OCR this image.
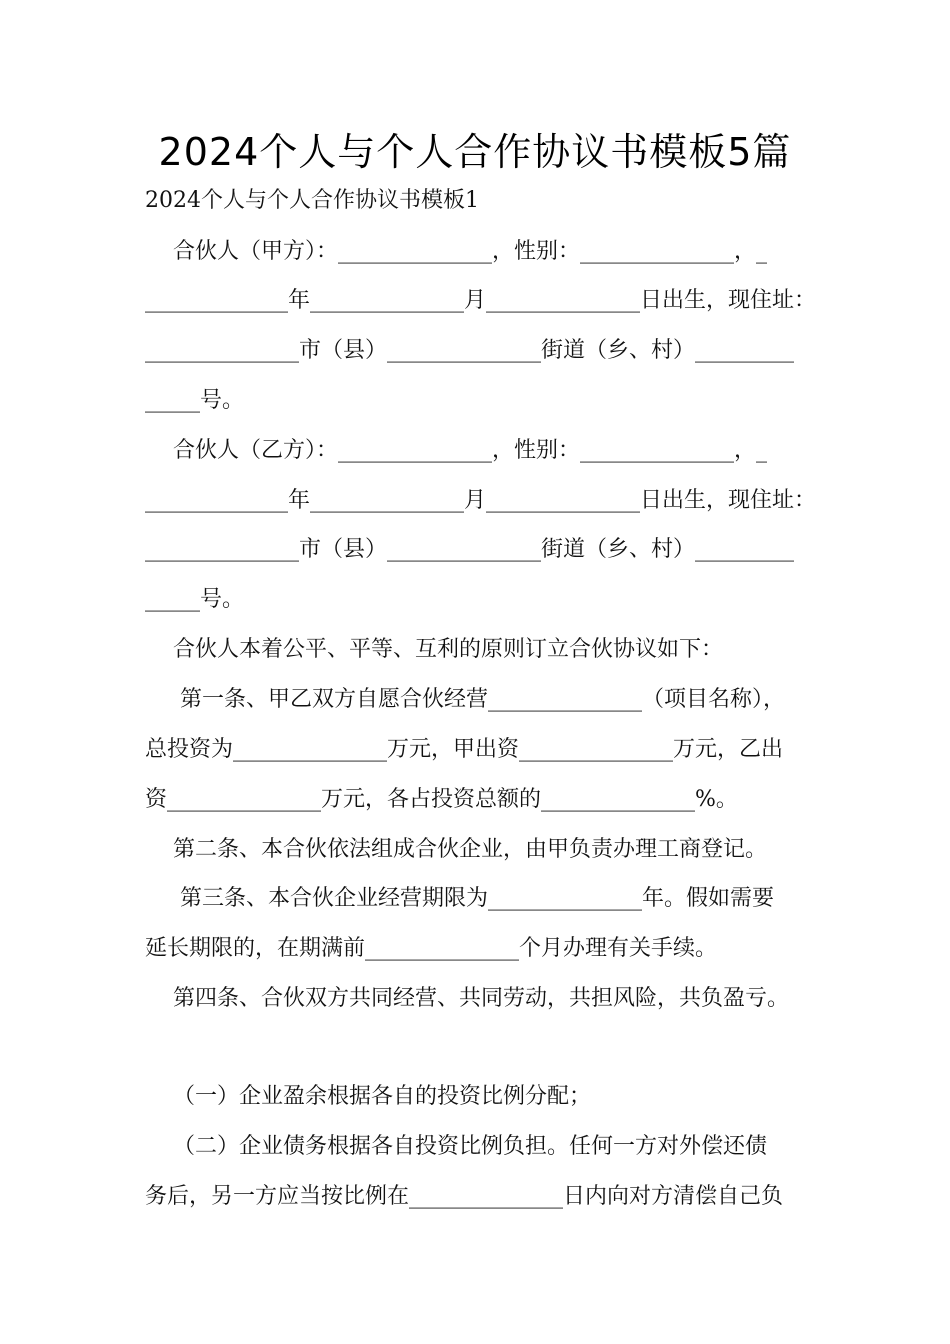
2024个人与个人合作协议书模板5篇
2024个人与个人合作协议书模板1
合伙人（甲方）：______________，性别：______________，_
_____________年______________月______________日出生，现住址：
______________市（县）______________街道（乡、村）_________
_____号。
合伙人（乙方）：______________，性别：______________，_
_____________年______________月______________日出生，现住址：
______________市（县）______________街道（乡、村）_________
_____号。
合伙人本着公平、平等、互利的原则订立合伙协议如下：
第一条、甲乙双方自愿合伙经营______________（项目名称），
总投资为______________万元，甲出资______________万元，乙出
资______________万元，各占投资总额的______________%。
第二条、本合伙依法组成合伙企业，由甲负责办理工商登记。
第三条、本合伙企业经营期限为______________年。假如需要
延长期限的，在期满前______________个月办理有关手续。
第四条、合伙双方共同经营、共同劳动，共担风险，共负盈亏。
（一）企业盈余根据各自的投资比例分配；
（二）企业债务根据各自投资比例负担。任何一方对外偿还债
务后，另一方应当按比例在______________日内向对方清偿自己负
